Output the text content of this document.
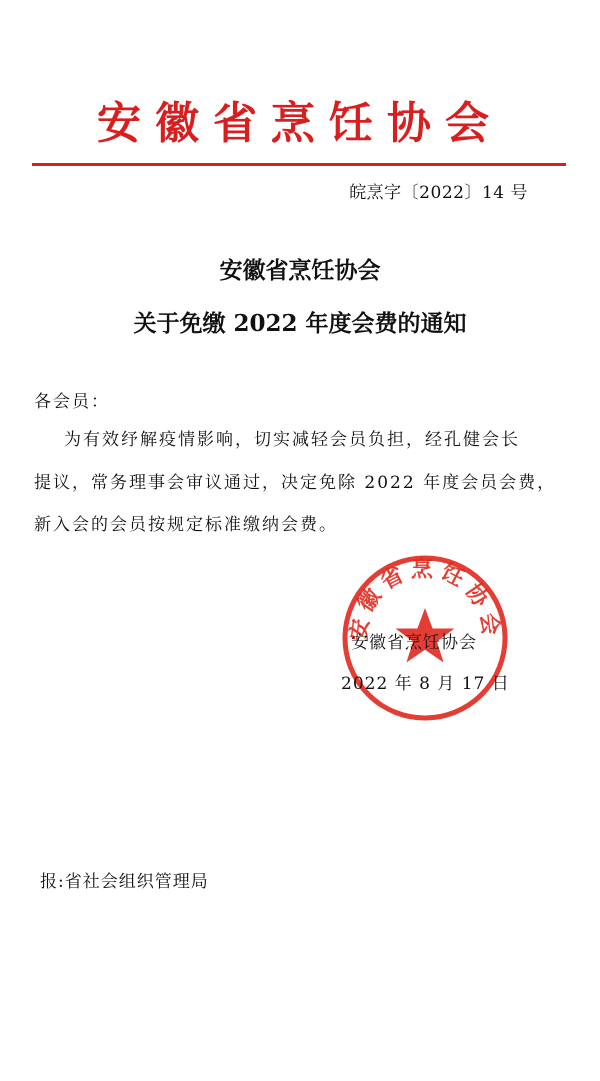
安徽省烹饪协会
皖烹字〔2022〕14 号
安徽省烹饪协会
关于免缴 2022 年度会费的通知
各会员：
为有效纾解疫情影响，切实减轻会员负担，经孔健会长
提议，常务理事会审议通过，决定免除 2022 年度会员会费，
新入会的会员按规定标准缴纳会费。
安徽省烹饪协会
安徽省烹饪协会
2022 年 8 月 17 日
报:省社会组织管理局
